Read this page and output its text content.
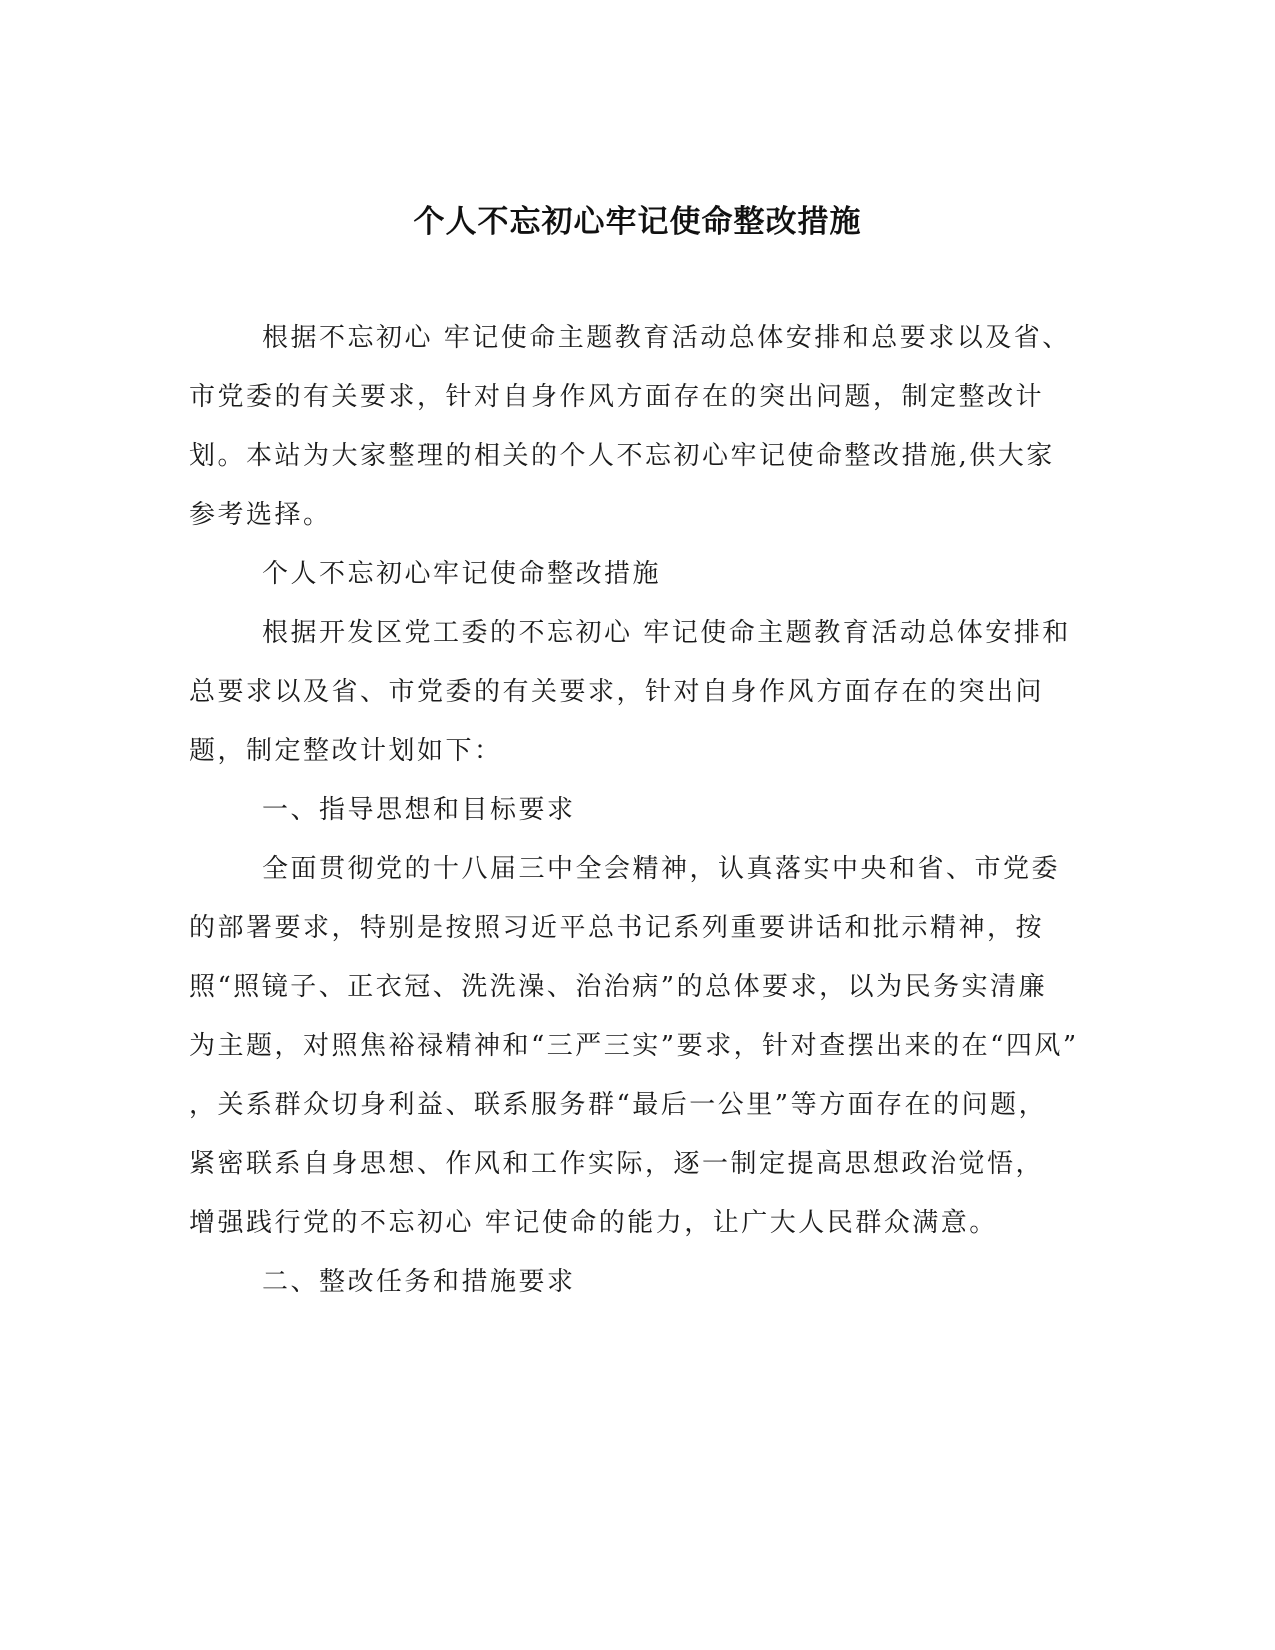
个人不忘初心牢记使命整改措施

根据不忘初心 牢记使命主题教育活动总体安排和总要求以及省、

市党委的有关要求，针对自身作风方面存在的突出问题，制定整改计

划。本站为大家整理的相关的个人不忘初心牢记使命整改措施,供大家

参考选择。

个人不忘初心牢记使命整改措施

根据开发区党工委的不忘初心 牢记使命主题教育活动总体安排和

总要求以及省、市党委的有关要求，针对自身作风方面存在的突出问

题，制定整改计划如下：

一、指导思想和目标要求

全面贯彻党的十八届三中全会精神，认真落实中央和省、市党委

的部署要求，特别是按照习近平总书记系列重要讲话和批示精神，按

照“照镜子、正衣冠、洗洗澡、治治病”的总体要求，以为民务实清廉

为主题，对照焦裕禄精神和“三严三实”要求，针对查摆出来的在“四风”

，关系群众切身利益、联系服务群“最后一公里”等方面存在的问题，

紧密联系自身思想、作风和工作实际，逐一制定提高思想政治觉悟，

增强践行党的不忘初心 牢记使命的能力，让广大人民群众满意。

二、整改任务和措施要求
